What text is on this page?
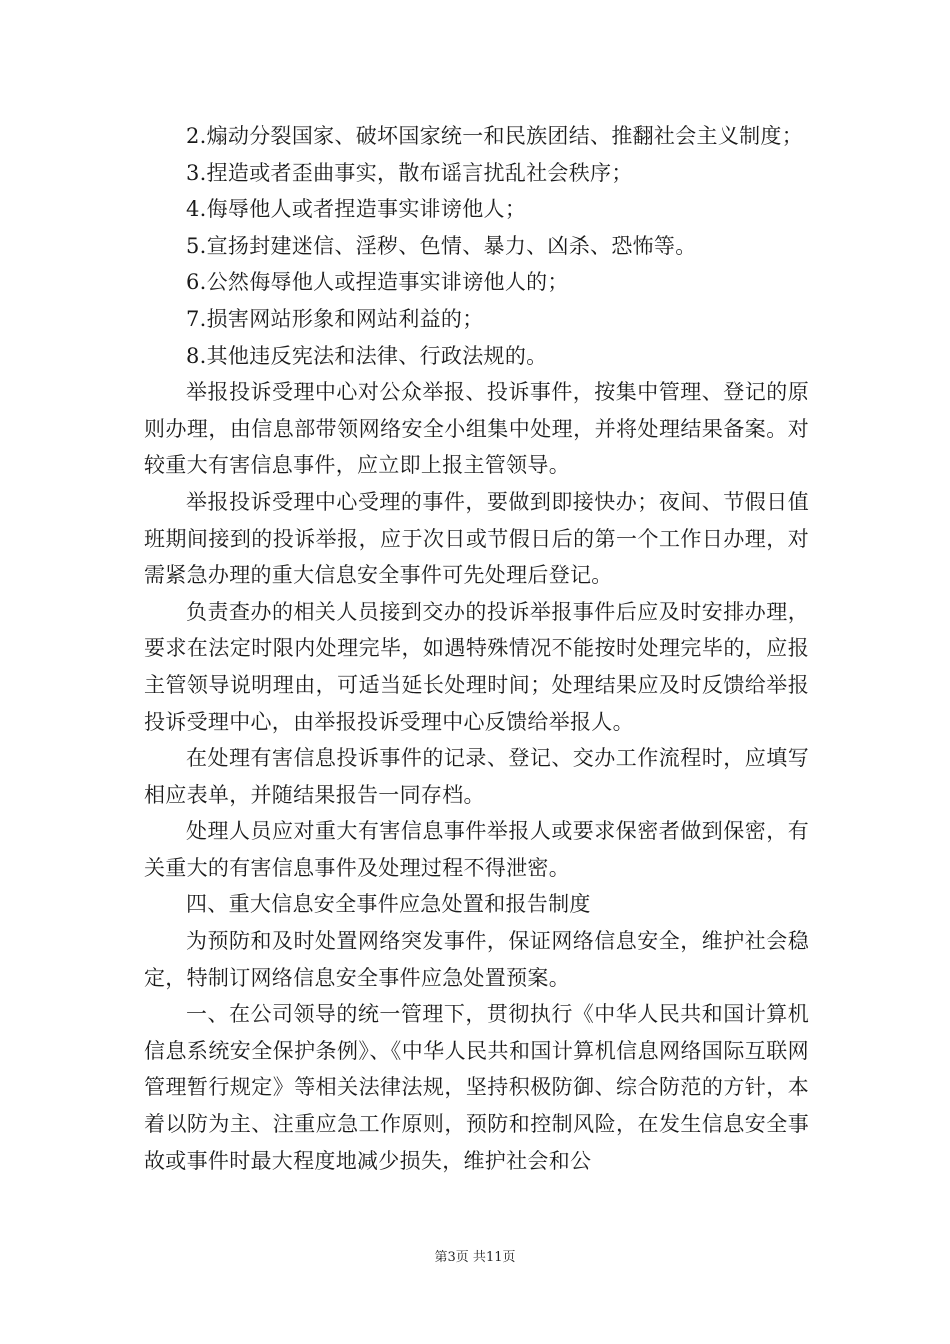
2.煽动分裂国家、破坏国家统一和民族团结、推翻社会主义制度；

3.捏造或者歪曲事实，散布谣言扰乱社会秩序；

4.侮辱他人或者捏造事实诽谤他人；

5.宣扬封建迷信、淫秽、色情、暴力、凶杀、恐怖等。

6.公然侮辱他人或捏造事实诽谤他人的；

7.损害网站形象和网站利益的；

8.其他违反宪法和法律、行政法规的。

举报投诉受理中心对公众举报、投诉事件，按集中管理、登记的原则办理，由信息部带领网络安全小组集中处理，并将处理结果备案。对较重大有害信息事件，应立即上报主管领导。

举报投诉受理中心受理的事件，要做到即接快办；夜间、节假日值班期间接到的投诉举报，应于次日或节假日后的第一个工作日办理，对需紧急办理的重大信息安全事件可先处理后登记。

负责查办的相关人员接到交办的投诉举报事件后应及时安排办理，要求在法定时限内处理完毕，如遇特殊情况不能按时处理完毕的，应报主管领导说明理由，可适当延长处理时间；处理结果应及时反馈给举报投诉受理中心，由举报投诉受理中心反馈给举报人。

在处理有害信息投诉事件的记录、登记、交办工作流程时，应填写相应表单，并随结果报告一同存档。

处理人员应对重大有害信息事件举报人或要求保密者做到保密，有关重大的有害信息事件及处理过程不得泄密。

四、重大信息安全事件应急处置和报告制度

为预防和及时处置网络突发事件，保证网络信息安全，维护社会稳定，特制订网络信息安全事件应急处置预案。

一、在公司领导的统一管理下，贯彻执行《中华人民共和国计算机信息系统安全保护条例》、《中华人民共和国计算机信息网络国际互联网管理暂行规定》等相关法律法规，坚持积极防御、综合防范的方针，本着以防为主、注重应急工作原则，预防和控制风险，在发生信息安全事故或事件时最大程度地减少损失，维护社会和公

第3页 共11页
